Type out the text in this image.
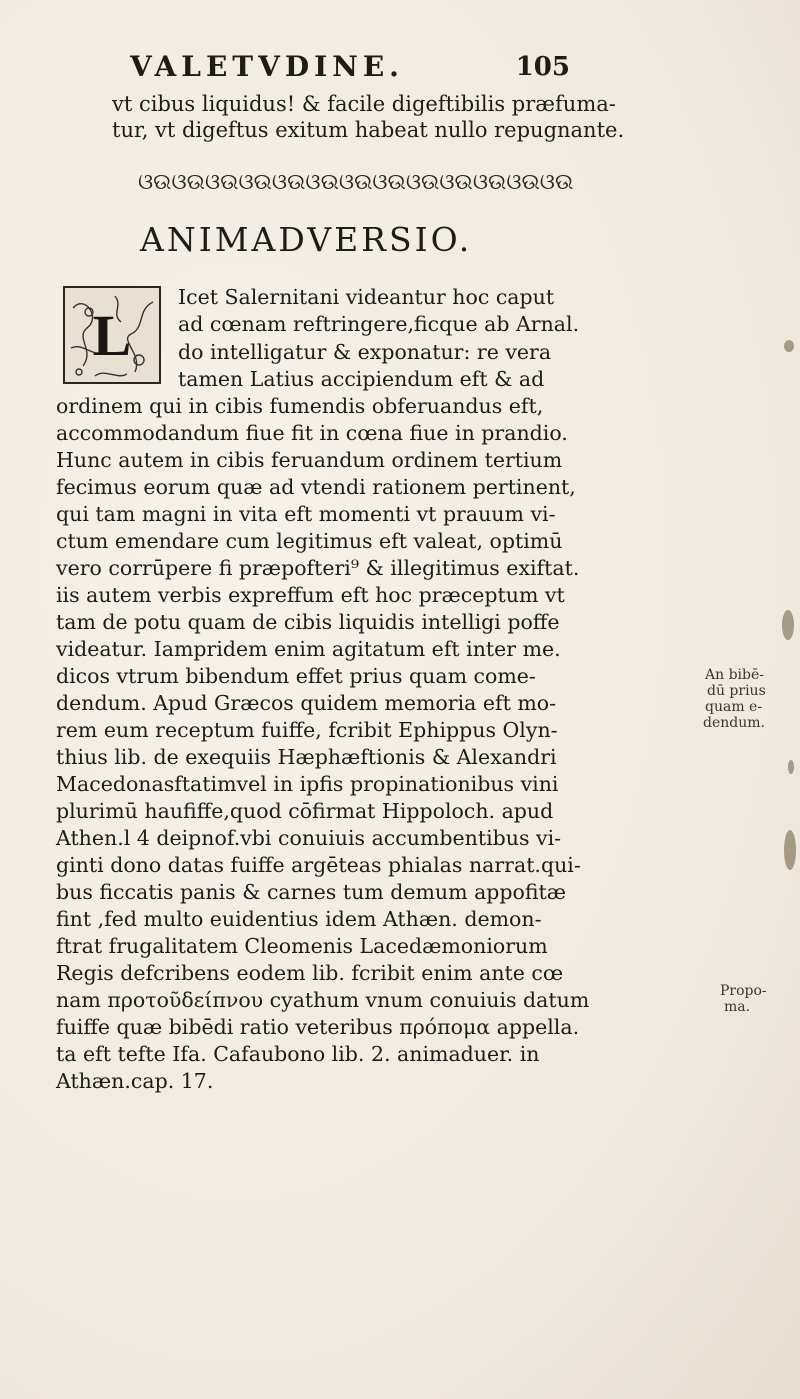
VALETVDINE.	105
vt cibus liquidus! & facile digeftibilis præfuma-
tur, vt digeftus exitum habeat nullo repugnante.
ଓଉଓଉଓଉଓଉଓଉଓଉଓଉଓଉଓଉଓଉଓଉଓଉଓଉ
ANIMADVERSIO.
L
Icet Salernitani videantur hoc caput
ad cœnam reftringere,ficque ab Arnal.
do intelligatur & exponatur: re vera
tamen Latius accipiendum eft & ad
ordinem qui in cibis fumendis obferuandus eft,
accommodandum fiue fit in cœna fiue in prandio.
Hunc autem in cibis feruandum ordinem tertium
fecimus eorum quæ ad vtendi rationem pertinent,
qui tam magni in vita eft momenti vt prauum vi-
ctum emendare cum legitimus eft valeat, optimū
vero corrūpere fi præpofteri⁹ & illegitimus exiftat.
iis autem verbis expreffum eft hoc præceptum vt
tam de potu quam de cibis liquidis intelligi poffe
videatur. Iampridem enim agitatum eft inter me.
dicos vtrum bibendum effet prius quam come-
dendum. Apud Græcos quidem memoria eft mo-
rem eum receptum fuiffe, fcribit Ephippus Olyn-
thius lib. de exequiis Hæphæftionis & Alexandri
Macedonasftatimvel in ipfis propinationibus vini
plurimū haufiffe,quod cōfirmat Hippoloch. apud
Athen.l 4 deipnof.vbi conuiuis accumbentibus vi-
ginti dono datas fuiffe argēteas phialas narrat.qui-
bus ficcatis panis & carnes tum demum appofitæ
fint ,fed multo euidentius idem Athæn. demon-
ftrat frugalitatem Cleomenis Lacedæmoniorum
Regis defcribens eodem lib. fcribit enim ante cœ
nam προτοῦδείπνου cyathum vnum conuiuis datum
fuiffe quæ bibēdi ratio veteribus πρόπομα appella.
ta eft tefte Ifa. Cafaubono lib. 2. animaduer. in
Athæn.cap. 17.
An bibē-
dū prius
quam e-
dendum.
Propo-
ma.
